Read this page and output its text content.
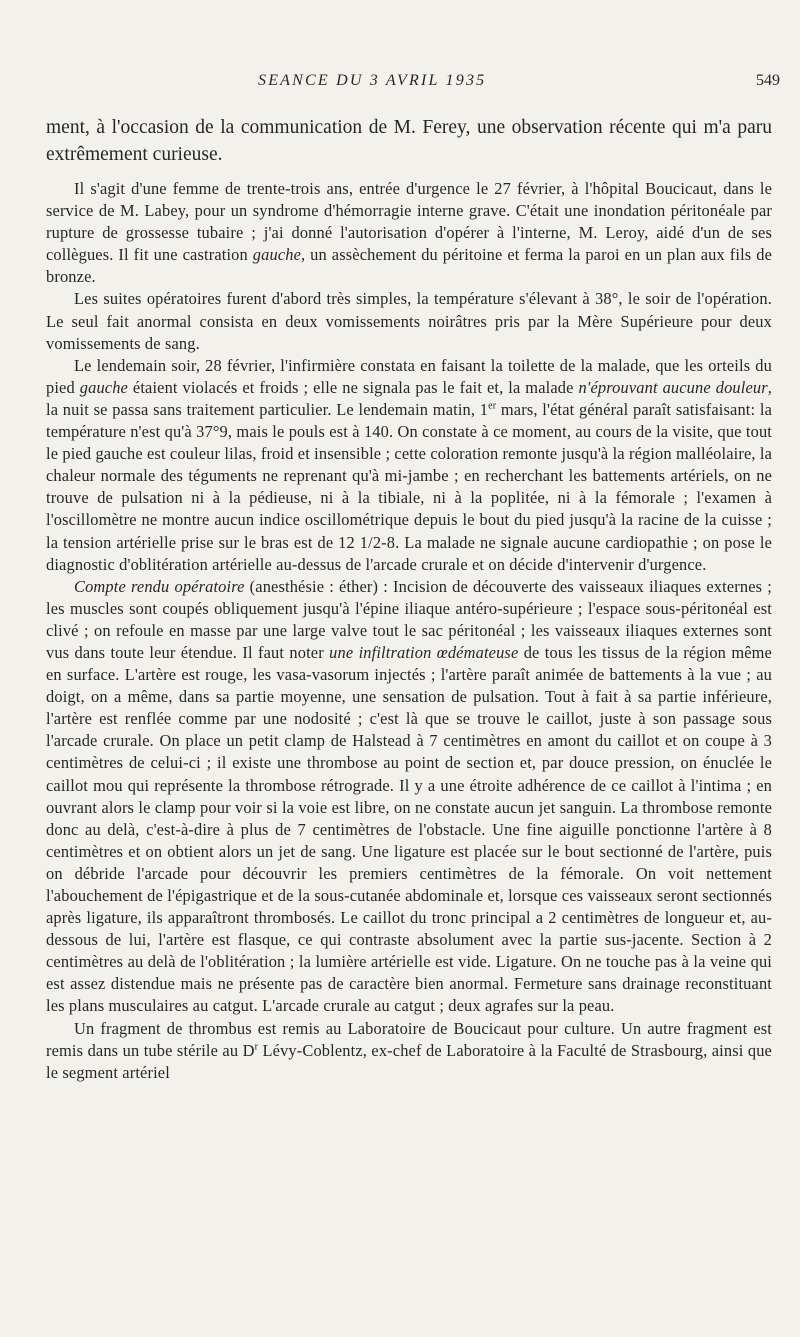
SEANCE DU 3 AVRIL 1935	549

ment, à l'occasion de la communication de M. Ferey, une observation récente qui m'a paru extrêmement curieuse.

Il s'agit d'une femme de trente-trois ans, entrée d'urgence le 27 février, à l'hôpital Boucicaut, dans le service de M. Labey, pour un syndrome d'hémorragie interne grave. C'était une inondation péritonéale par rupture de grossesse tubaire ; j'ai donné l'autorisation d'opérer à l'interne, M. Leroy, aidé d'un de ses collègues. Il fit une castration gauche, un assèchement du péritoine et ferma la paroi en un plan aux fils de bronze.

Les suites opératoires furent d'abord très simples, la température s'élevant à 38°, le soir de l'opération. Le seul fait anormal consista en deux vomissements noirâtres pris par la Mère Supérieure pour deux vomissements de sang.

Le lendemain soir, 28 février, l'infirmière constata en faisant la toilette de la malade, que les orteils du pied gauche étaient violacés et froids ; elle ne signala pas le fait et, la malade n'éprouvant aucune douleur, la nuit se passa sans traitement particulier. Le lendemain matin, 1er mars, l'état général paraît satisfaisant: la température n'est qu'à 37°9, mais le pouls est à 140. On constate à ce moment, au cours de la visite, que tout le pied gauche est couleur lilas, froid et insensible ; cette coloration remonte jusqu'à la région malléolaire, la chaleur normale des téguments ne reprenant qu'à mi-jambe ; en recherchant les battements artériels, on ne trouve de pulsation ni à la pédieuse, ni à la tibiale, ni à la poplitée, ni à la fémorale ; l'examen à l'oscillomètre ne montre aucun indice oscillométrique depuis le bout du pied jusqu'à la racine de la cuisse ; la tension artérielle prise sur le bras est de 12 1/2-8. La malade ne signale aucune cardiopathie ; on pose le diagnostic d'oblitération artérielle au-dessus de l'arcade crurale et on décide d'intervenir d'urgence.

Compte rendu opératoire (anesthésie : éther) : Incision de découverte des vaisseaux iliaques externes ; les muscles sont coupés obliquement jusqu'à l'épine iliaque antéro-supérieure ; l'espace sous-péritonéal est clivé ; on refoule en masse par une large valve tout le sac péritonéal ; les vaisseaux iliaques externes sont vus dans toute leur étendue. Il faut noter une infiltration œdémateuse de tous les tissus de la région même en surface. L'artère est rouge, les vasa-vasorum injectés ; l'artère paraît animée de battements à la vue ; au doigt, on a même, dans sa partie moyenne, une sensation de pulsation. Tout à fait à sa partie inférieure, l'artère est renflée comme par une nodosité ; c'est là que se trouve le caillot, juste à son passage sous l'arcade crurale. On place un petit clamp de Halstead à 7 centimètres en amont du caillot et on coupe à 3 centimètres de celui-ci ; il existe une thrombose au point de section et, par douce pression, on énuclée le caillot mou qui représente la thrombose rétrograde. Il y a une étroite adhérence de ce caillot à l'intima ; en ouvrant alors le clamp pour voir si la voie est libre, on ne constate aucun jet sanguin. La thrombose remonte donc au delà, c'est-à-dire à plus de 7 centimètres de l'obstacle. Une fine aiguille ponctionne l'artère à 8 centimètres et on obtient alors un jet de sang. Une ligature est placée sur le bout sectionné de l'artère, puis on débride l'arcade pour découvrir les premiers centimètres de la fémorale. On voit nettement l'abouchement de l'épigastrique et de la sous-cutanée abdominale et, lorsque ces vaisseaux seront sectionnés après ligature, ils apparaîtront thrombosés. Le caillot du tronc principal a 2 centimètres de longueur et, au-dessous de lui, l'artère est flasque, ce qui contraste absolument avec la partie sus-jacente. Section à 2 centimètres au delà de l'oblitération ; la lumière artérielle est vide. Ligature. On ne touche pas à la veine qui est assez distendue mais ne présente pas de caractère bien anormal. Fermeture sans drainage reconstituant les plans musculaires au catgut. L'arcade crurale au catgut ; deux agrafes sur la peau.

Un fragment de thrombus est remis au Laboratoire de Boucicaut pour culture. Un autre fragment est remis dans un tube stérile au $D^r$ Lévy-Coblentz, ex-chef de Laboratoire à la Faculté de Strasbourg, ainsi que le segment artériel
